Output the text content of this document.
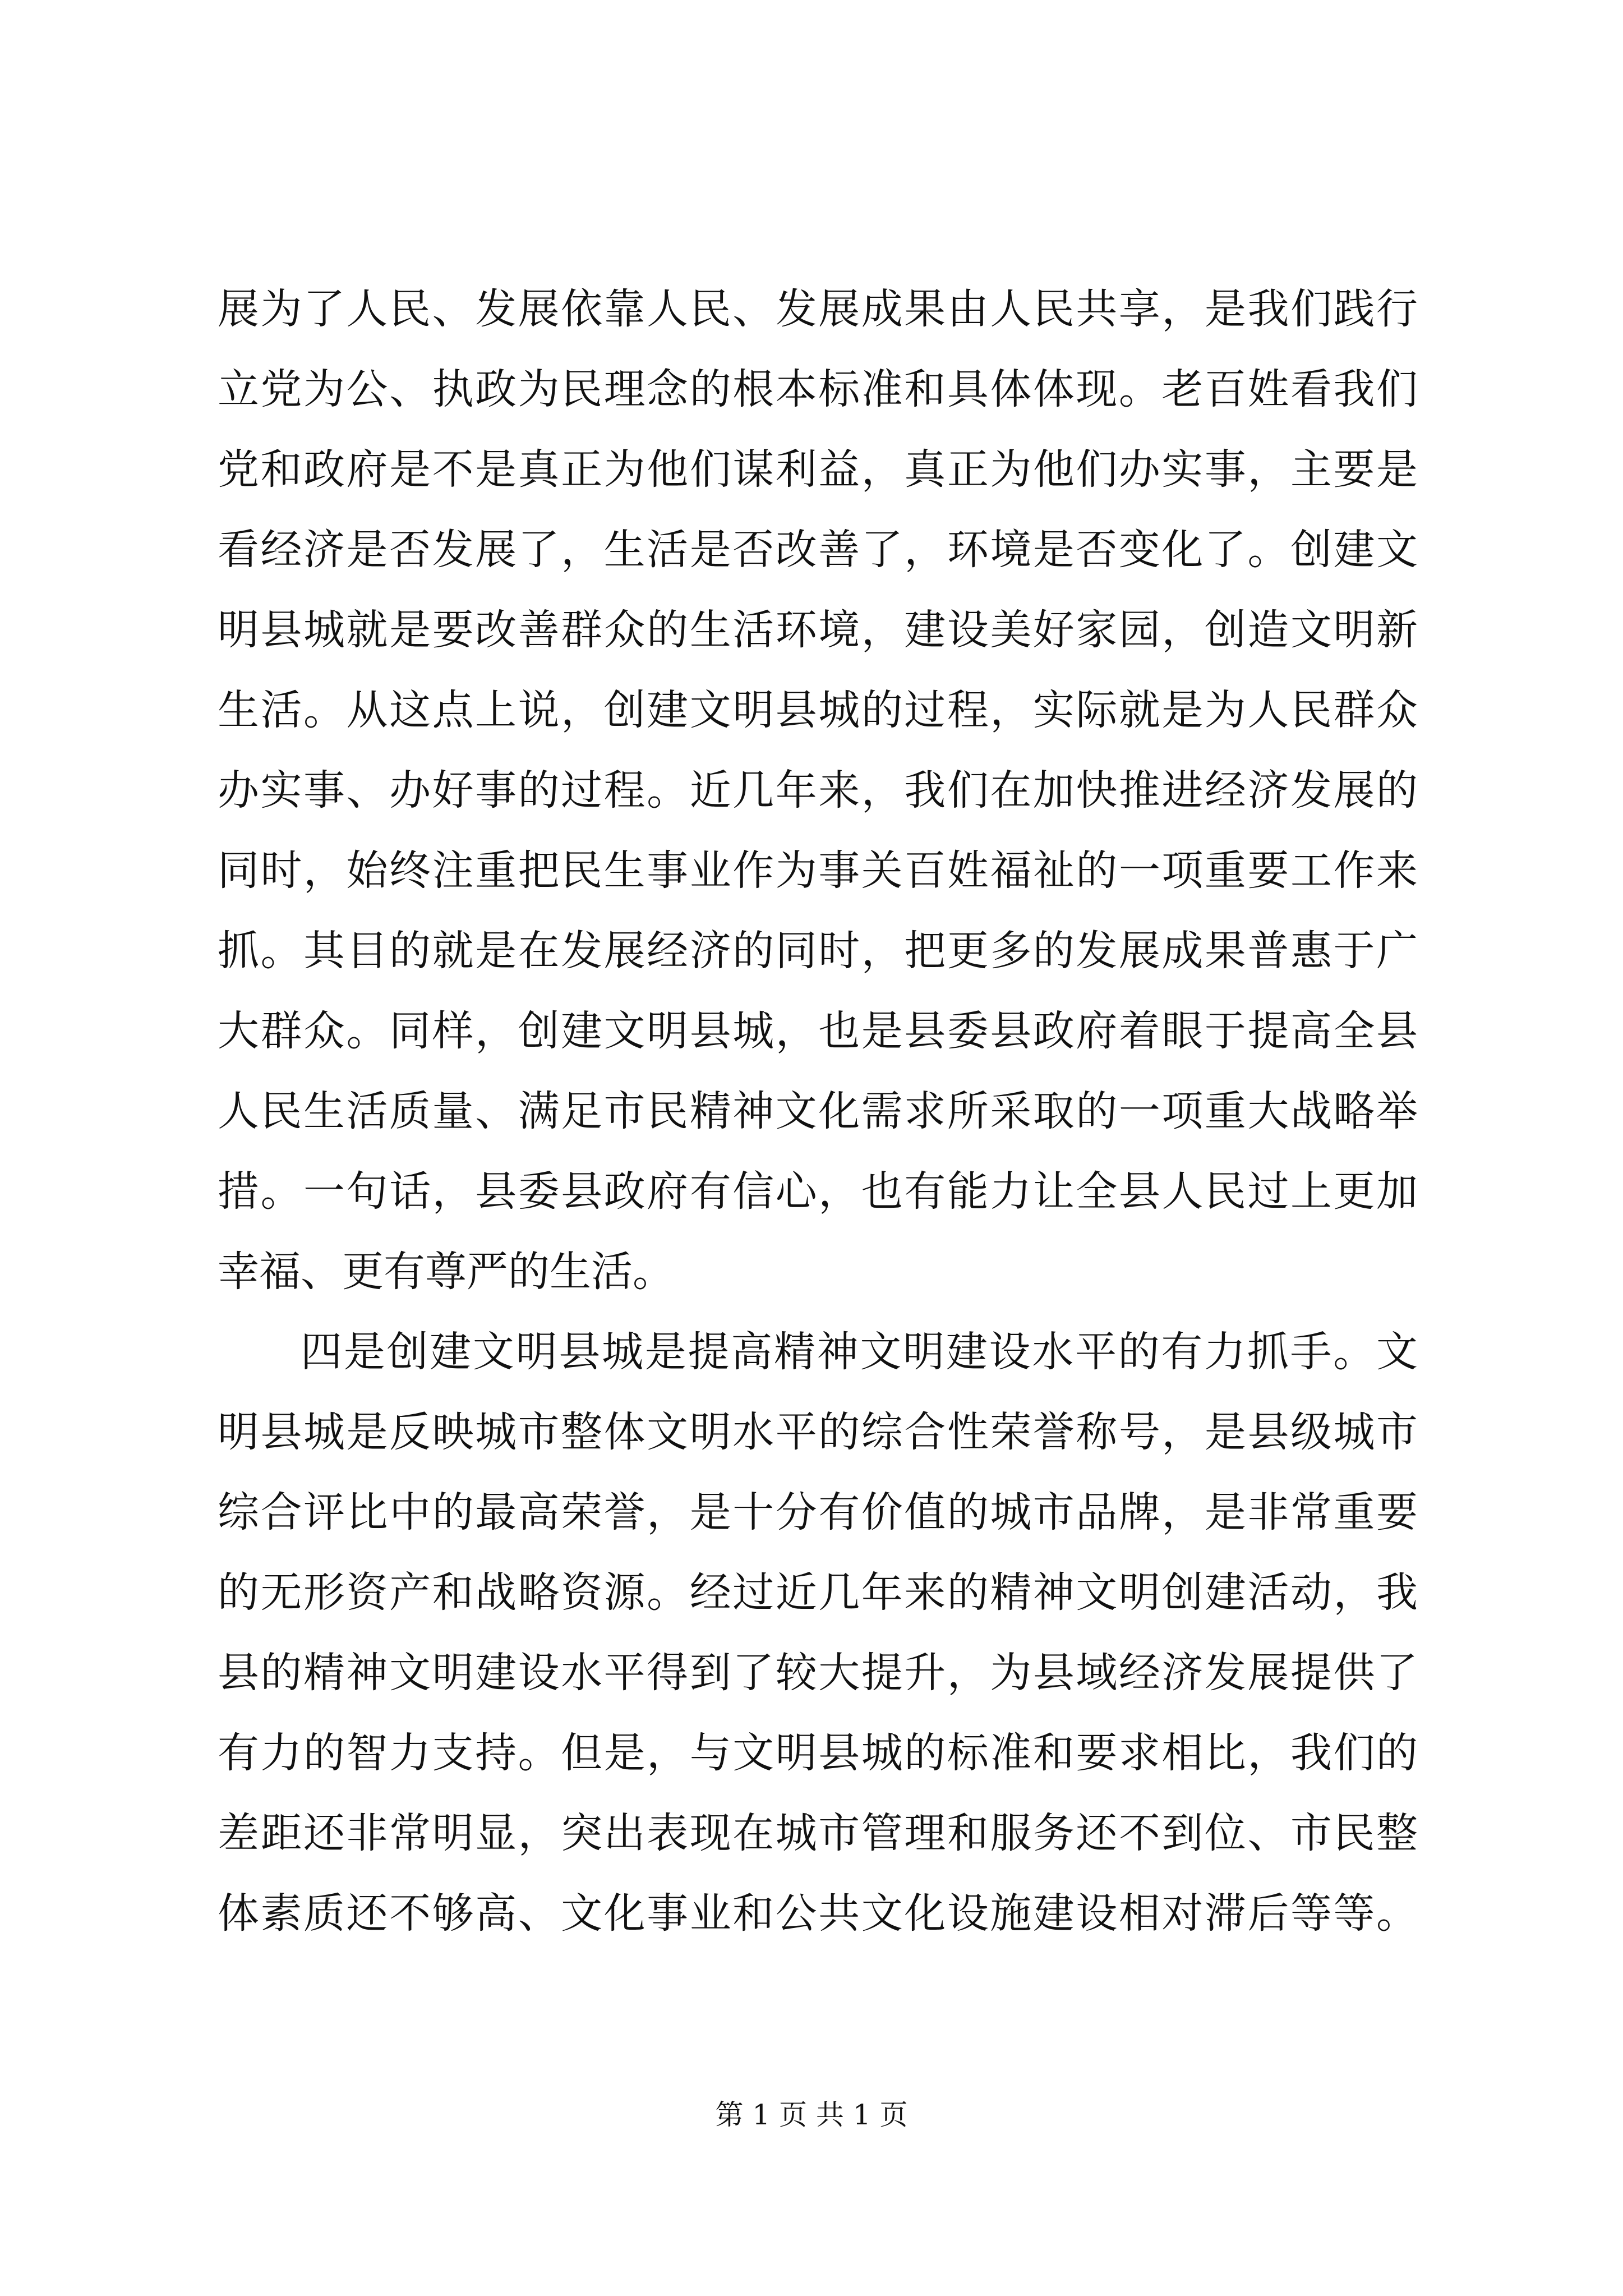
展为了人民、发展依靠人民、发展成果由人民共享，是我们践行
立党为公、执政为民理念的根本标准和具体体现。老百姓看我们
党和政府是不是真正为他们谋利益，真正为他们办实事，主要是
看经济是否发展了，生活是否改善了，环境是否变化了。创建文
明县城就是要改善群众的生活环境，建设美好家园，创造文明新
生活。从这点上说，创建文明县城的过程，实际就是为人民群众
办实事、办好事的过程。近几年来，我们在加快推进经济发展的
同时，始终注重把民生事业作为事关百姓福祉的一项重要工作来
抓。其目的就是在发展经济的同时，把更多的发展成果普惠于广
大群众。同样，创建文明县城，也是县委县政府着眼于提高全县
人民生活质量、满足市民精神文化需求所采取的一项重大战略举
措。一句话，县委县政府有信心，也有能力让全县人民过上更加
幸福、更有尊严的生活。
四是创建文明县城是提高精神文明建设水平的有力抓手。文
明县城是反映城市整体文明水平的综合性荣誉称号，是县级城市
综合评比中的最高荣誉，是十分有价值的城市品牌，是非常重要
的无形资产和战略资源。经过近几年来的精神文明创建活动，我
县的精神文明建设水平得到了较大提升，为县域经济发展提供了
有力的智力支持。但是，与文明县城的标准和要求相比，我们的
差距还非常明显，突出表现在城市管理和服务还不到位、市民整
体素质还不够高、文化事业和公共文化设施建设相对滞后等等。
第 1 页 共 1 页
